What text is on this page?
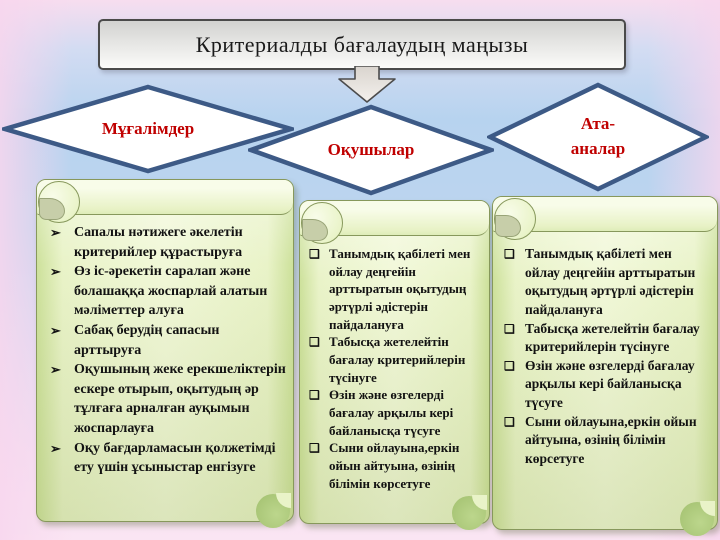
Критериалды бағалаудың маңызы
Мұғалімдер	Ата-аналар
Оқушылар
➢ Сапалы нәтижеге әкелетін критерийлер құрастыруға
➢ Өз іс-әрекетін саралап және болашаққа жоспарлай алатын мәліметтер алуға
➢ Сабақ берудің сапасын арттыруға
➢ Оқушының жеке ерекшеліктерін ескере отырып, оқытудың әр тұлғаға арналған ауқымын жоспарлауға
➢ Оқу бағдарламасын қолжетімді ету үшін ұсыныстар енгізуге
❑ Танымдық қабілеті мен ойлау деңгейін арттыратын оқытудың әртүрлі әдістерін пайдалануға
❑ Табысқа жетелейтін бағалау критерийлерін түсінуге
❑ Өзін және өзгелерді бағалау арқылы кері байланысқа түсуге
❑ Сыни ойлауына,еркін ойын айтуына, өзінің білімін көрсетуге
❑ Танымдық қабілеті мен ойлау деңгейін арттыратын оқытудың әртүрлі әдістерін пайдалануға
❑ Табысқа жетелейтін бағалау критерийлерін түсінуге
❑ Өзін және өзгелерді бағалау арқылы кері байланысқа түсуге
❑ Сыни ойлауына,еркін ойын айтуына, өзінің білімін көрсетуге
